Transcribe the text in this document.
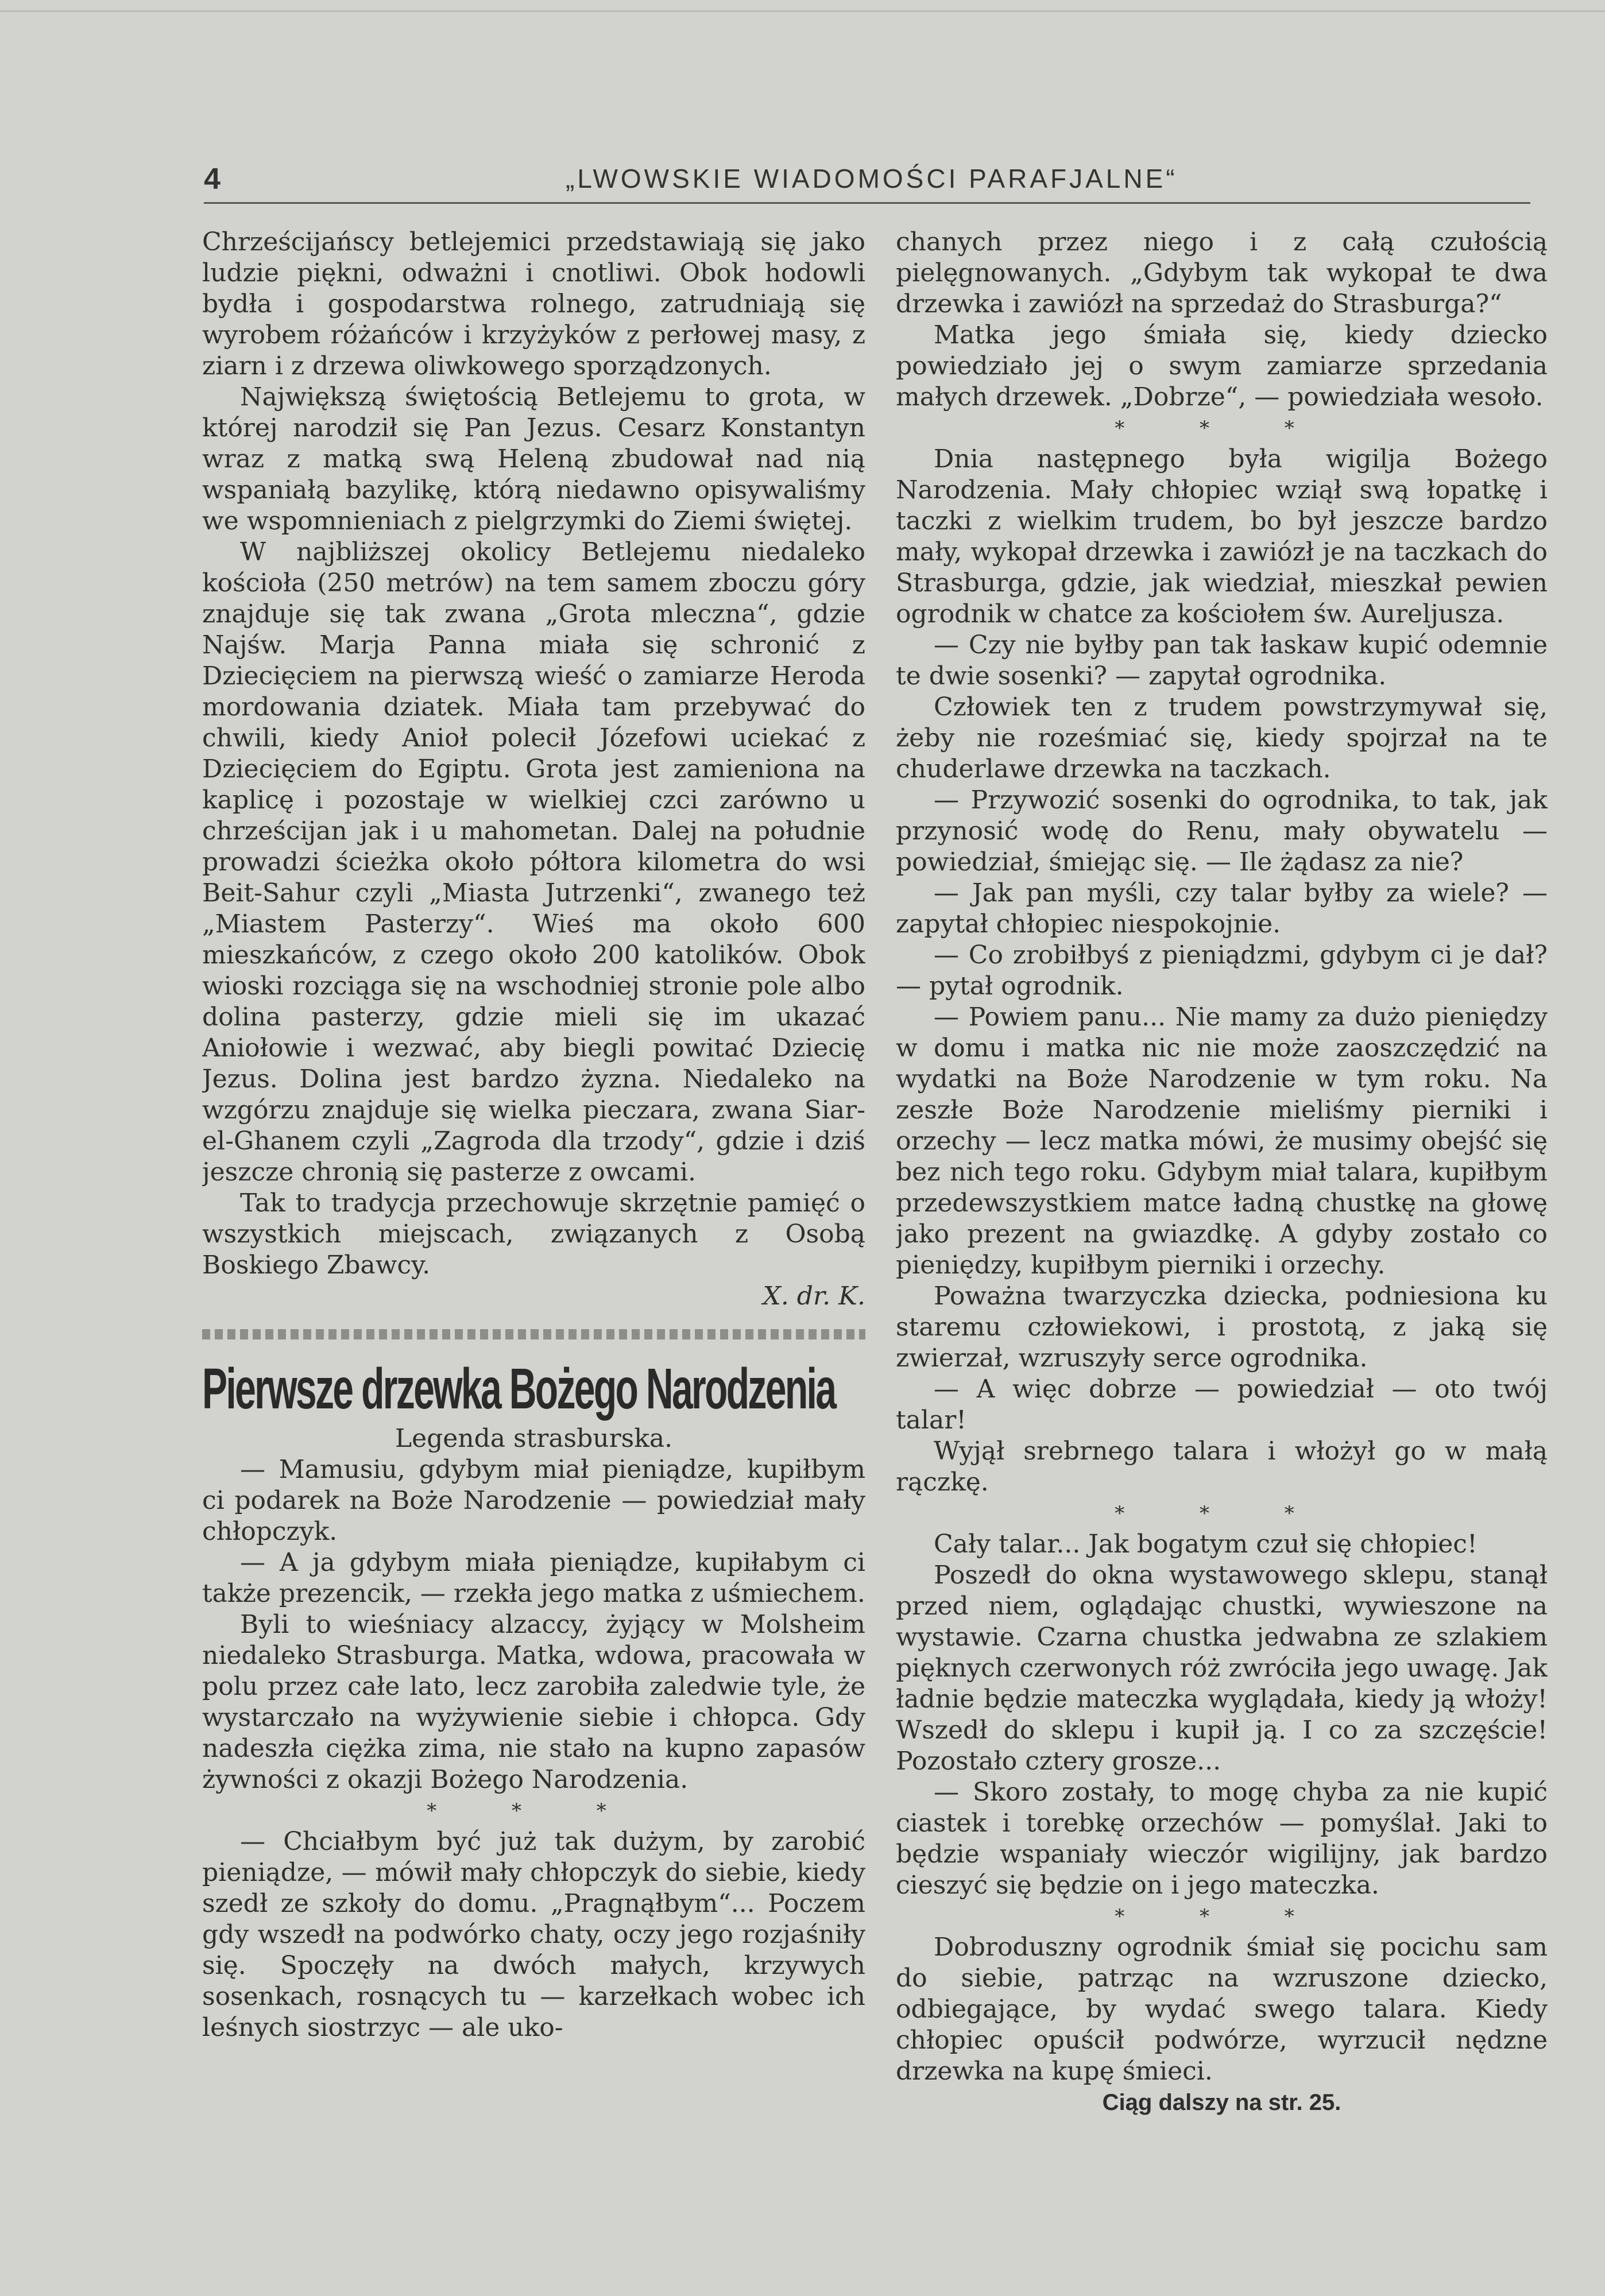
4	„LWOWSKIE WIADOMOŚCI PARAFJALNE“

Chrześcijańscy betlejemici przedstawiają się jako ludzie piękni, odważni i cnotliwi. Obok hodowli bydła i gospodarstwa rolnego, zatrudniają się wyrobem różańców i krzyżyków z perłowej masy, z ziarn i z drzewa oliwkowego sporządzonych.

Największą świętością Betlejemu to grota, w której narodził się Pan Jezus. Cesarz Konstantyn wraz z matką swą Heleną zbudował nad nią wspaniałą bazylikę, którą niedawno opisywaliśmy we wspomnieniach z pielgrzymki do Ziemi świętej.

W najbliższej okolicy Betlejemu niedaleko kościoła (250 metrów) na tem samem zboczu góry znajduje się tak zwana „Grota mleczna“, gdzie Najśw. Marja Panna miała się schronić z Dziecięciem na pierwszą wieść o zamiarze Heroda mordowania dziatek. Miała tam przebywać do chwili, kiedy Anioł polecił Józefowi uciekać z Dziecięciem do Egiptu. Grota jest zamieniona na kaplicę i pozostaje w wielkiej czci zarówno u chrześcijan jak i u mahometan. Dalej na południe prowadzi ścieżka około półtora kilometra do wsi Beit-Sahur czyli „Miasta Jutrzenki“, zwanego też „Miastem Pasterzy“. Wieś ma około 600 mieszkańców, z czego około 200 katolików. Obok wioski rozciąga się na wschodniej stronie pole albo dolina pasterzy, gdzie mieli się im ukazać Aniołowie i wezwać, aby biegli powitać Dziecię Jezus. Dolina jest bardzo żyzna. Niedaleko na wzgórzu znajduje się wielka pieczara, zwana Siar-el-Ghanem czyli „Zagroda dla trzody“, gdzie i dziś jeszcze chronią się pasterze z owcami.

Tak to tradycja przechowuje skrzętnie pamięć o wszystkich miejscach, związanych z Osobą Boskiego Zbawcy.

X. dr. K.

Pierwsze drzewka Bożego Narodzenia

Legenda strasburska.

— Mamusiu, gdybym miał pieniądze, kupiłbym ci podarek na Boże Narodzenie — powiedział mały chłopczyk.

— A ja gdybym miała pieniądze, kupiłabym ci także prezencik, — rzekła jego matka z uśmiechem.

Byli to wieśniacy alzaccy, żyjący w Molsheim niedaleko Strasburga. Matka, wdowa, pracowała w polu przez całe lato, lecz zarobiła zaledwie tyle, że wystarczało na wyżywienie siebie i chłopca. Gdy nadeszła ciężka zima, nie stało na kupno zapasów żywności z okazji Bożego Narodzenia.

* * *

— Chciałbym być już tak dużym, by zarobić pieniądze, — mówił mały chłopczyk do siebie, kiedy szedł ze szkoły do domu. „Pragnąłbym“... Poczem gdy wszedł na podwórko chaty, oczy jego rozjaśniły się. Spoczęły na dwóch małych, krzywych sosenkach, rosnących tu — karzełkach wobec ich leśnych siostrzyc — ale uko-

chanych przez niego i z całą czułością pielęgnowanych. „Gdybym tak wykopał te dwa drzewka i zawiózł na sprzedaż do Strasburga?“

Matka jego śmiała się, kiedy dziecko powiedziało jej o swym zamiarze sprzedania małych drzewek. „Dobrze“, — powiedziała wesoło.

* * *

Dnia następnego była wigilja Bożego Narodzenia. Mały chłopiec wziął swą łopatkę i taczki z wielkim trudem, bo był jeszcze bardzo mały, wykopał drzewka i zawiózł je na taczkach do Strasburga, gdzie, jak wiedział, mieszkał pewien ogrodnik w chatce za kościołem św. Aureljusza.

— Czy nie byłby pan tak łaskaw kupić odemnie te dwie sosenki? — zapytał ogrodnika.

Człowiek ten z trudem powstrzymywał się, żeby nie roześmiać się, kiedy spojrzał na te chuderlawe drzewka na taczkach.

— Przywozić sosenki do ogrodnika, to tak, jak przynosić wodę do Renu, mały obywatelu — powiedział, śmiejąc się. — Ile żądasz za nie?

— Jak pan myśli, czy talar byłby za wiele? — zapytał chłopiec niespokojnie.

— Co zrobiłbyś z pieniądzmi, gdybym ci je dał? — pytał ogrodnik.

— Powiem panu... Nie mamy za dużo pieniędzy w domu i matka nic nie może zaoszczędzić na wydatki na Boże Narodzenie w tym roku. Na zeszłe Boże Narodzenie mieliśmy pierniki i orzechy — lecz matka mówi, że musimy obejść się bez nich tego roku. Gdybym miał talara, kupiłbym przedewszystkiem matce ładną chustkę na głowę jako prezent na gwiazdkę. A gdyby zostało co pieniędzy, kupiłbym pierniki i orzechy.

Poważna twarzyczka dziecka, podniesiona ku staremu człowiekowi, i prostotą, z jaką się zwierzał, wzruszyły serce ogrodnika.

— A więc dobrze — powiedział — oto twój talar!

Wyjął srebrnego talara i włożył go w małą rączkę.

* * *

Cały talar... Jak bogatym czuł się chłopiec!

Poszedł do okna wystawowego sklepu, stanął przed niem, oglądając chustki, wywieszone na wystawie. Czarna chustka jedwabna ze szlakiem pięknych czerwonych róż zwróciła jego uwagę. Jak ładnie będzie mateczka wyglądała, kiedy ją włoży! Wszedł do sklepu i kupił ją. I co za szczęście! Pozostało cztery grosze...

— Skoro zostały, to mogę chyba za nie kupić ciastek i torebkę orzechów — pomyślał. Jaki to będzie wspaniały wieczór wigilijny, jak bardzo cieszyć się będzie on i jego mateczka.

* * *

Dobroduszny ogrodnik śmiał się pocichu sam do siebie, patrząc na wzruszone dziecko, odbiegające, by wydać swego talara. Kiedy chłopiec opuścił podwórze, wyrzucił nędzne drzewka na kupę śmieci.

Ciąg dalszy na str. 25.
